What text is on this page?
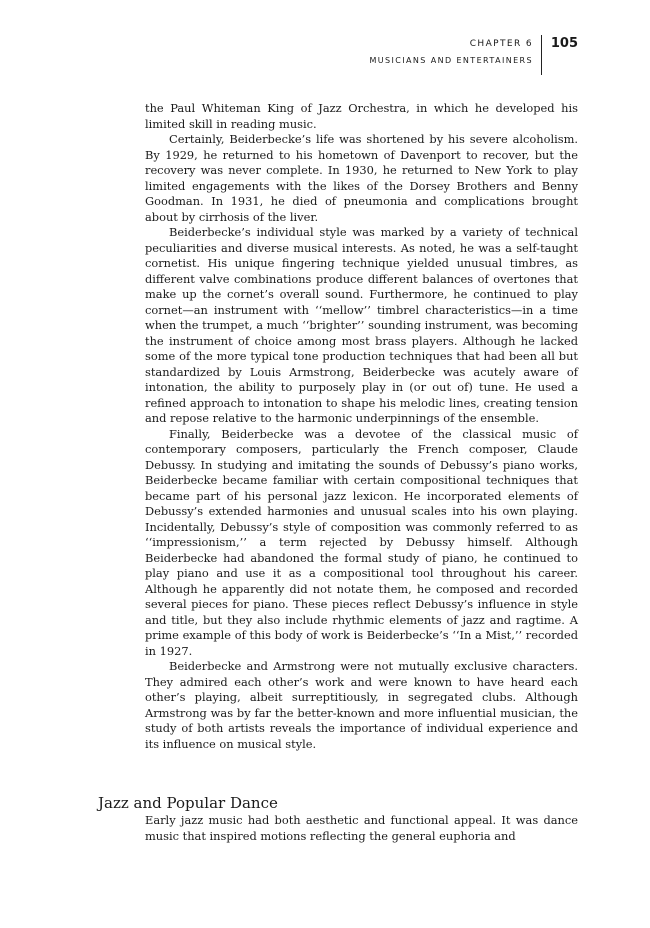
CHAPTER 6
MUSICIANS AND ENTERTAINERS
105

the Paul Whiteman King of Jazz Orchestra, in which he developed his limited skill in reading music.

Certainly, Beiderbecke’s life was shortened by his severe alcoholism. By 1929, he returned to his hometown of Davenport to recover, but the recovery was never complete. In 1930, he returned to New York to play limited engagements with the likes of the Dorsey Brothers and Benny Goodman. In 1931, he died of pneumonia and complications brought about by cirrhosis of the liver.

Beiderbecke’s individual style was marked by a variety of technical peculiarities and diverse musical interests. As noted, he was a self-taught cornetist. His unique fingering technique yielded unusual timbres, as different valve combinations produce different balances of overtones that make up the cornet’s overall sound. Furthermore, he continued to play cornet—an instrument with ‘‘mellow’’ timbrel characteristics—in a time when the trumpet, a much ‘‘brighter’’ sounding instrument, was becoming the instrument of choice among most brass players. Although he lacked some of the more typical tone production techniques that had been all but standardized by Louis Armstrong, Beiderbecke was acutely aware of intonation, the ability to purposely play in (or out of) tune. He used a refined approach to intonation to shape his melodic lines, creating tension and repose relative to the harmonic underpinnings of the ensemble.

Finally, Beiderbecke was a devotee of the classical music of contemporary composers, particularly the French composer, Claude Debussy. In studying and imitating the sounds of Debussy’s piano works, Beiderbecke became familiar with certain compositional techniques that became part of his personal jazz lexicon. He incorporated elements of Debussy’s extended harmonies and unusual scales into his own playing. Incidentally, Debussy’s style of composition was commonly referred to as ‘‘impressionism,’’ a term rejected by Debussy himself. Although Beiderbecke had abandoned the formal study of piano, he continued to play piano and use it as a compositional tool throughout his career. Although he apparently did not notate them, he composed and recorded several pieces for piano. These pieces reflect Debussy’s influence in style and title, but they also include rhythmic elements of jazz and ragtime. A prime example of this body of work is Beiderbecke’s ‘‘In a Mist,’’ recorded in 1927.

Beiderbecke and Armstrong were not mutually exclusive characters. They admired each other’s work and were known to have heard each other’s playing, albeit surreptitiously, in segregated clubs. Although Armstrong was by far the better-known and more influential musician, the study of both artists reveals the importance of individual experience and its influence on musical style.

Jazz and Popular Dance

Early jazz music had both aesthetic and functional appeal. It was dance music that inspired motions reflecting the general euphoria and
